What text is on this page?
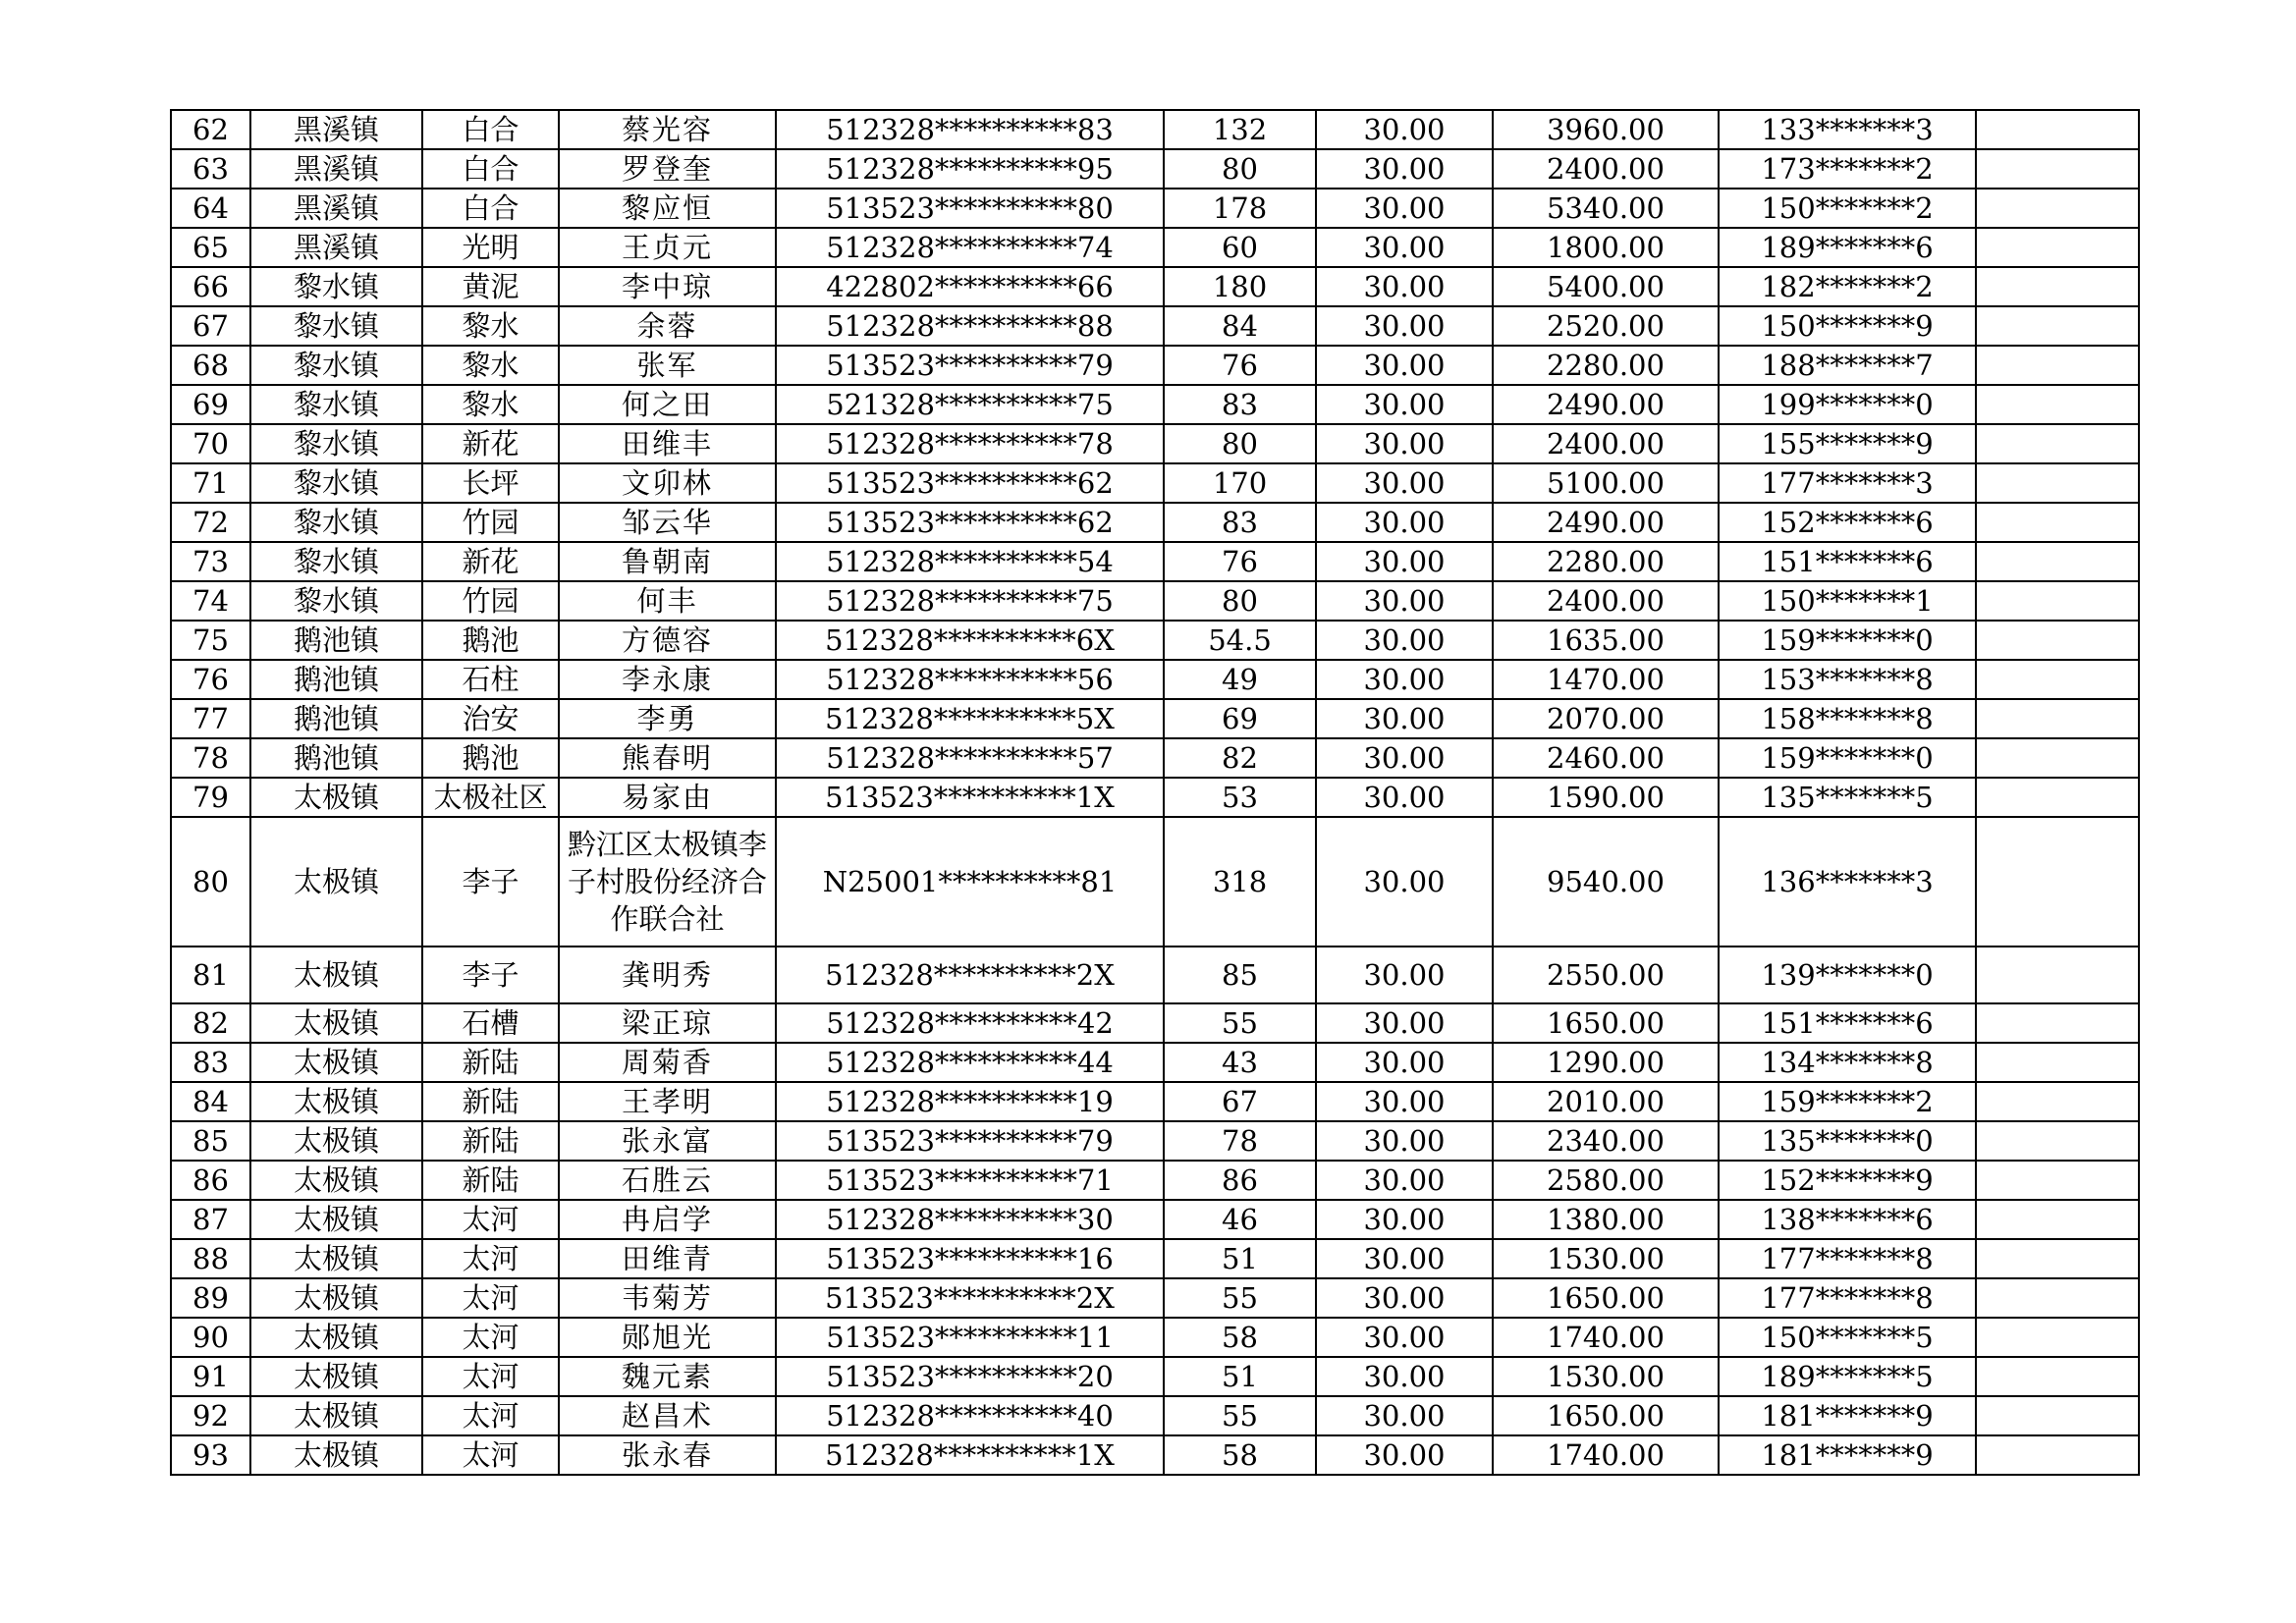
62	黑溪镇	白合	蔡光容	512328**********83	132	30.00	3960.00	133*******3	
63	黑溪镇	白合	罗登奎	512328**********95	80	30.00	2400.00	173*******2	
64	黑溪镇	白合	黎应恒	513523**********80	178	30.00	5340.00	150*******2	
65	黑溪镇	光明	王贞元	512328**********74	60	30.00	1800.00	189*******6	
66	黎水镇	黄泥	李中琼	422802**********66	180	30.00	5400.00	182*******2	
67	黎水镇	黎水	余蓉	512328**********88	84	30.00	2520.00	150*******9	
68	黎水镇	黎水	张军	513523**********79	76	30.00	2280.00	188*******7	
69	黎水镇	黎水	何之田	521328**********75	83	30.00	2490.00	199*******0	
70	黎水镇	新花	田维丰	512328**********78	80	30.00	2400.00	155*******9	
71	黎水镇	长坪	文卯林	513523**********62	170	30.00	5100.00	177*******3	
72	黎水镇	竹园	邹云华	513523**********62	83	30.00	2490.00	152*******6	
73	黎水镇	新花	鲁朝南	512328**********54	76	30.00	2280.00	151*******6	
74	黎水镇	竹园	何丰	512328**********75	80	30.00	2400.00	150*******1	
75	鹅池镇	鹅池	方德容	512328**********6X	54.5	30.00	1635.00	159*******0	
76	鹅池镇	石柱	李永康	512328**********56	49	30.00	1470.00	153*******8	
77	鹅池镇	治安	李勇	512328**********5X	69	30.00	2070.00	158*******8	
78	鹅池镇	鹅池	熊春明	512328**********57	82	30.00	2460.00	159*******0	
79	太极镇	太极社区	易家由	513523**********1X	53	30.00	1590.00	135*******5	
80	太极镇	李子	黔江区太极镇李子村股份经济合作联合社	N25001**********81	318	30.00	9540.00	136*******3	
81	太极镇	李子	龚明秀	512328**********2X	85	30.00	2550.00	139*******0	
82	太极镇	石槽	梁正琼	512328**********42	55	30.00	1650.00	151*******6	
83	太极镇	新陆	周菊香	512328**********44	43	30.00	1290.00	134*******8	
84	太极镇	新陆	王孝明	512328**********19	67	30.00	2010.00	159*******2	
85	太极镇	新陆	张永富	513523**********79	78	30.00	2340.00	135*******0	
86	太极镇	新陆	石胜云	513523**********71	86	30.00	2580.00	152*******9	
87	太极镇	太河	冉启学	512328**********30	46	30.00	1380.00	138*******6	
88	太极镇	太河	田维青	513523**********16	51	30.00	1530.00	177*******8	
89	太极镇	太河	韦菊芳	513523**********2X	55	30.00	1650.00	177*******8	
90	太极镇	太河	郧旭光	513523**********11	58	30.00	1740.00	150*******5	
91	太极镇	太河	魏元素	513523**********20	51	30.00	1530.00	189*******5	
92	太极镇	太河	赵昌术	512328**********40	55	30.00	1650.00	181*******9	
93	太极镇	太河	张永春	512328**********1X	58	30.00	1740.00	181*******9	
